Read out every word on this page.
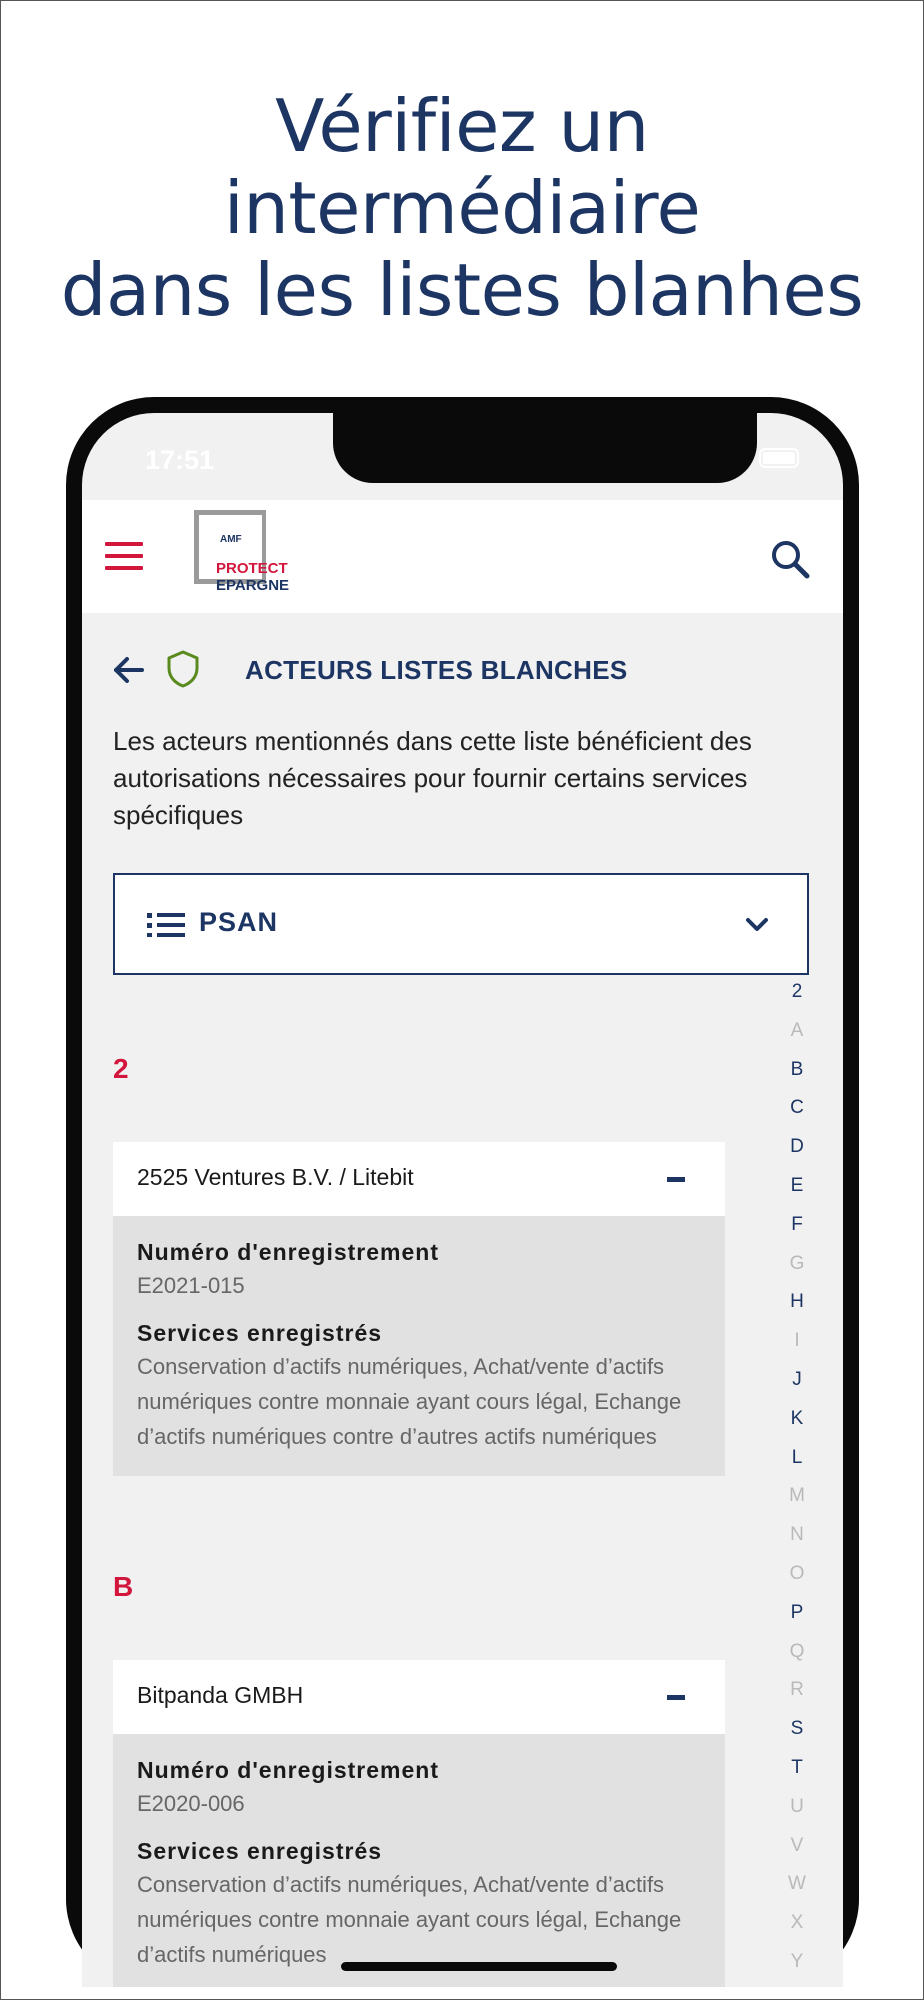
Vérifiez un
intermédiaire
dans les listes blanhes
17:51
AMF
PROTECT
EPARGNE
ACTEURS LISTES BLANCHES

Les acteurs mentionnés dans cette liste bénéficient des autorisations nécessaires pour fournir certains services spécifiques

PSAN
2
A
B
C
D
E
F
G
H
I
J
K
L
M
N
O
P
Q
R
S
T
U
V
W
X
Y
2
2525 Ventures B.V. / Litebit
Numéro d'enregistrement
E2021-015
Services enregistrés
Conservation d’actifs numériques, Achat/vente d’actifs numériques contre monnaie ayant cours légal, Echange d’actifs numériques contre d’autres actifs numériques
B
Bitpanda GMBH
Numéro d'enregistrement
E2020-006
Services enregistrés
Conservation d’actifs numériques, Achat/vente d’actifs numériques contre monnaie ayant cours légal, Echange d’actifs numériques
